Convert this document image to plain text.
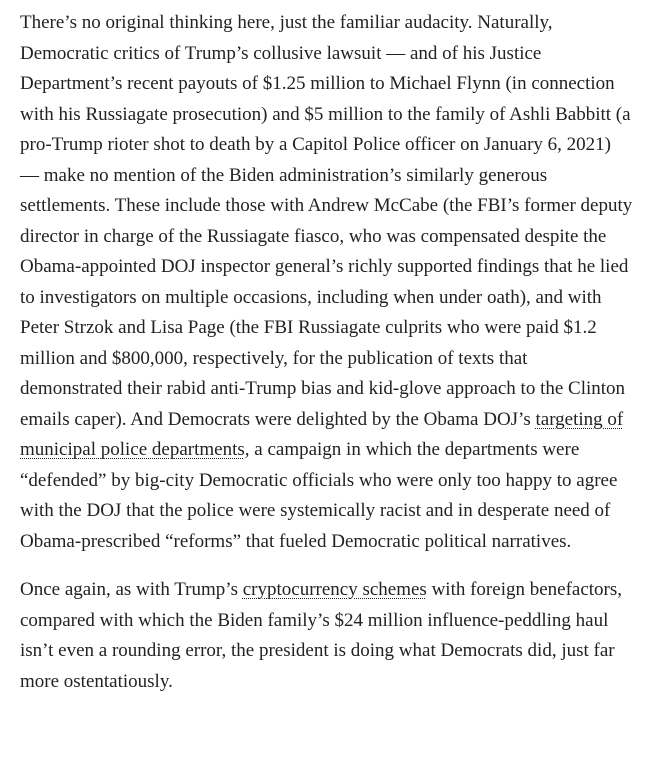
There’s no original thinking here, just the familiar audacity. Naturally, Democratic critics of Trump’s collusive lawsuit — and of his Justice Department’s recent payouts of $1.25 million to Michael Flynn (in connection with his Russiagate prosecution) and $5 million to the family of Ashli Babbitt (a pro-Trump rioter shot to death by a Capitol Police officer on January 6, 2021) — make no mention of the Biden administration’s similarly generous settlements. These include those with Andrew McCabe (the FBI’s former deputy director in charge of the Russiagate fiasco, who was compensated despite the Obama-appointed DOJ inspector general’s richly supported findings that he lied to investigators on multiple occasions, including when under oath), and with Peter Strzok and Lisa Page (the FBI Russiagate culprits who were paid $1.2 million and $800,000, respectively, for the publication of texts that demonstrated their rabid anti-Trump bias and kid-glove approach to the Clinton emails caper). And Democrats were delighted by the Obama DOJ’s targeting of municipal police departments, a campaign in which the departments were “defended” by big-city Democratic officials who were only too happy to agree with the DOJ that the police were systemically racist and in desperate need of Obama-prescribed “reforms” that fueled Democratic political narratives.

Once again, as with Trump’s cryptocurrency schemes with foreign benefactors, compared with which the Biden family’s $24 million influence-peddling haul isn’t even a rounding error, the president is doing what Democrats did, just far more ostentatiously.
